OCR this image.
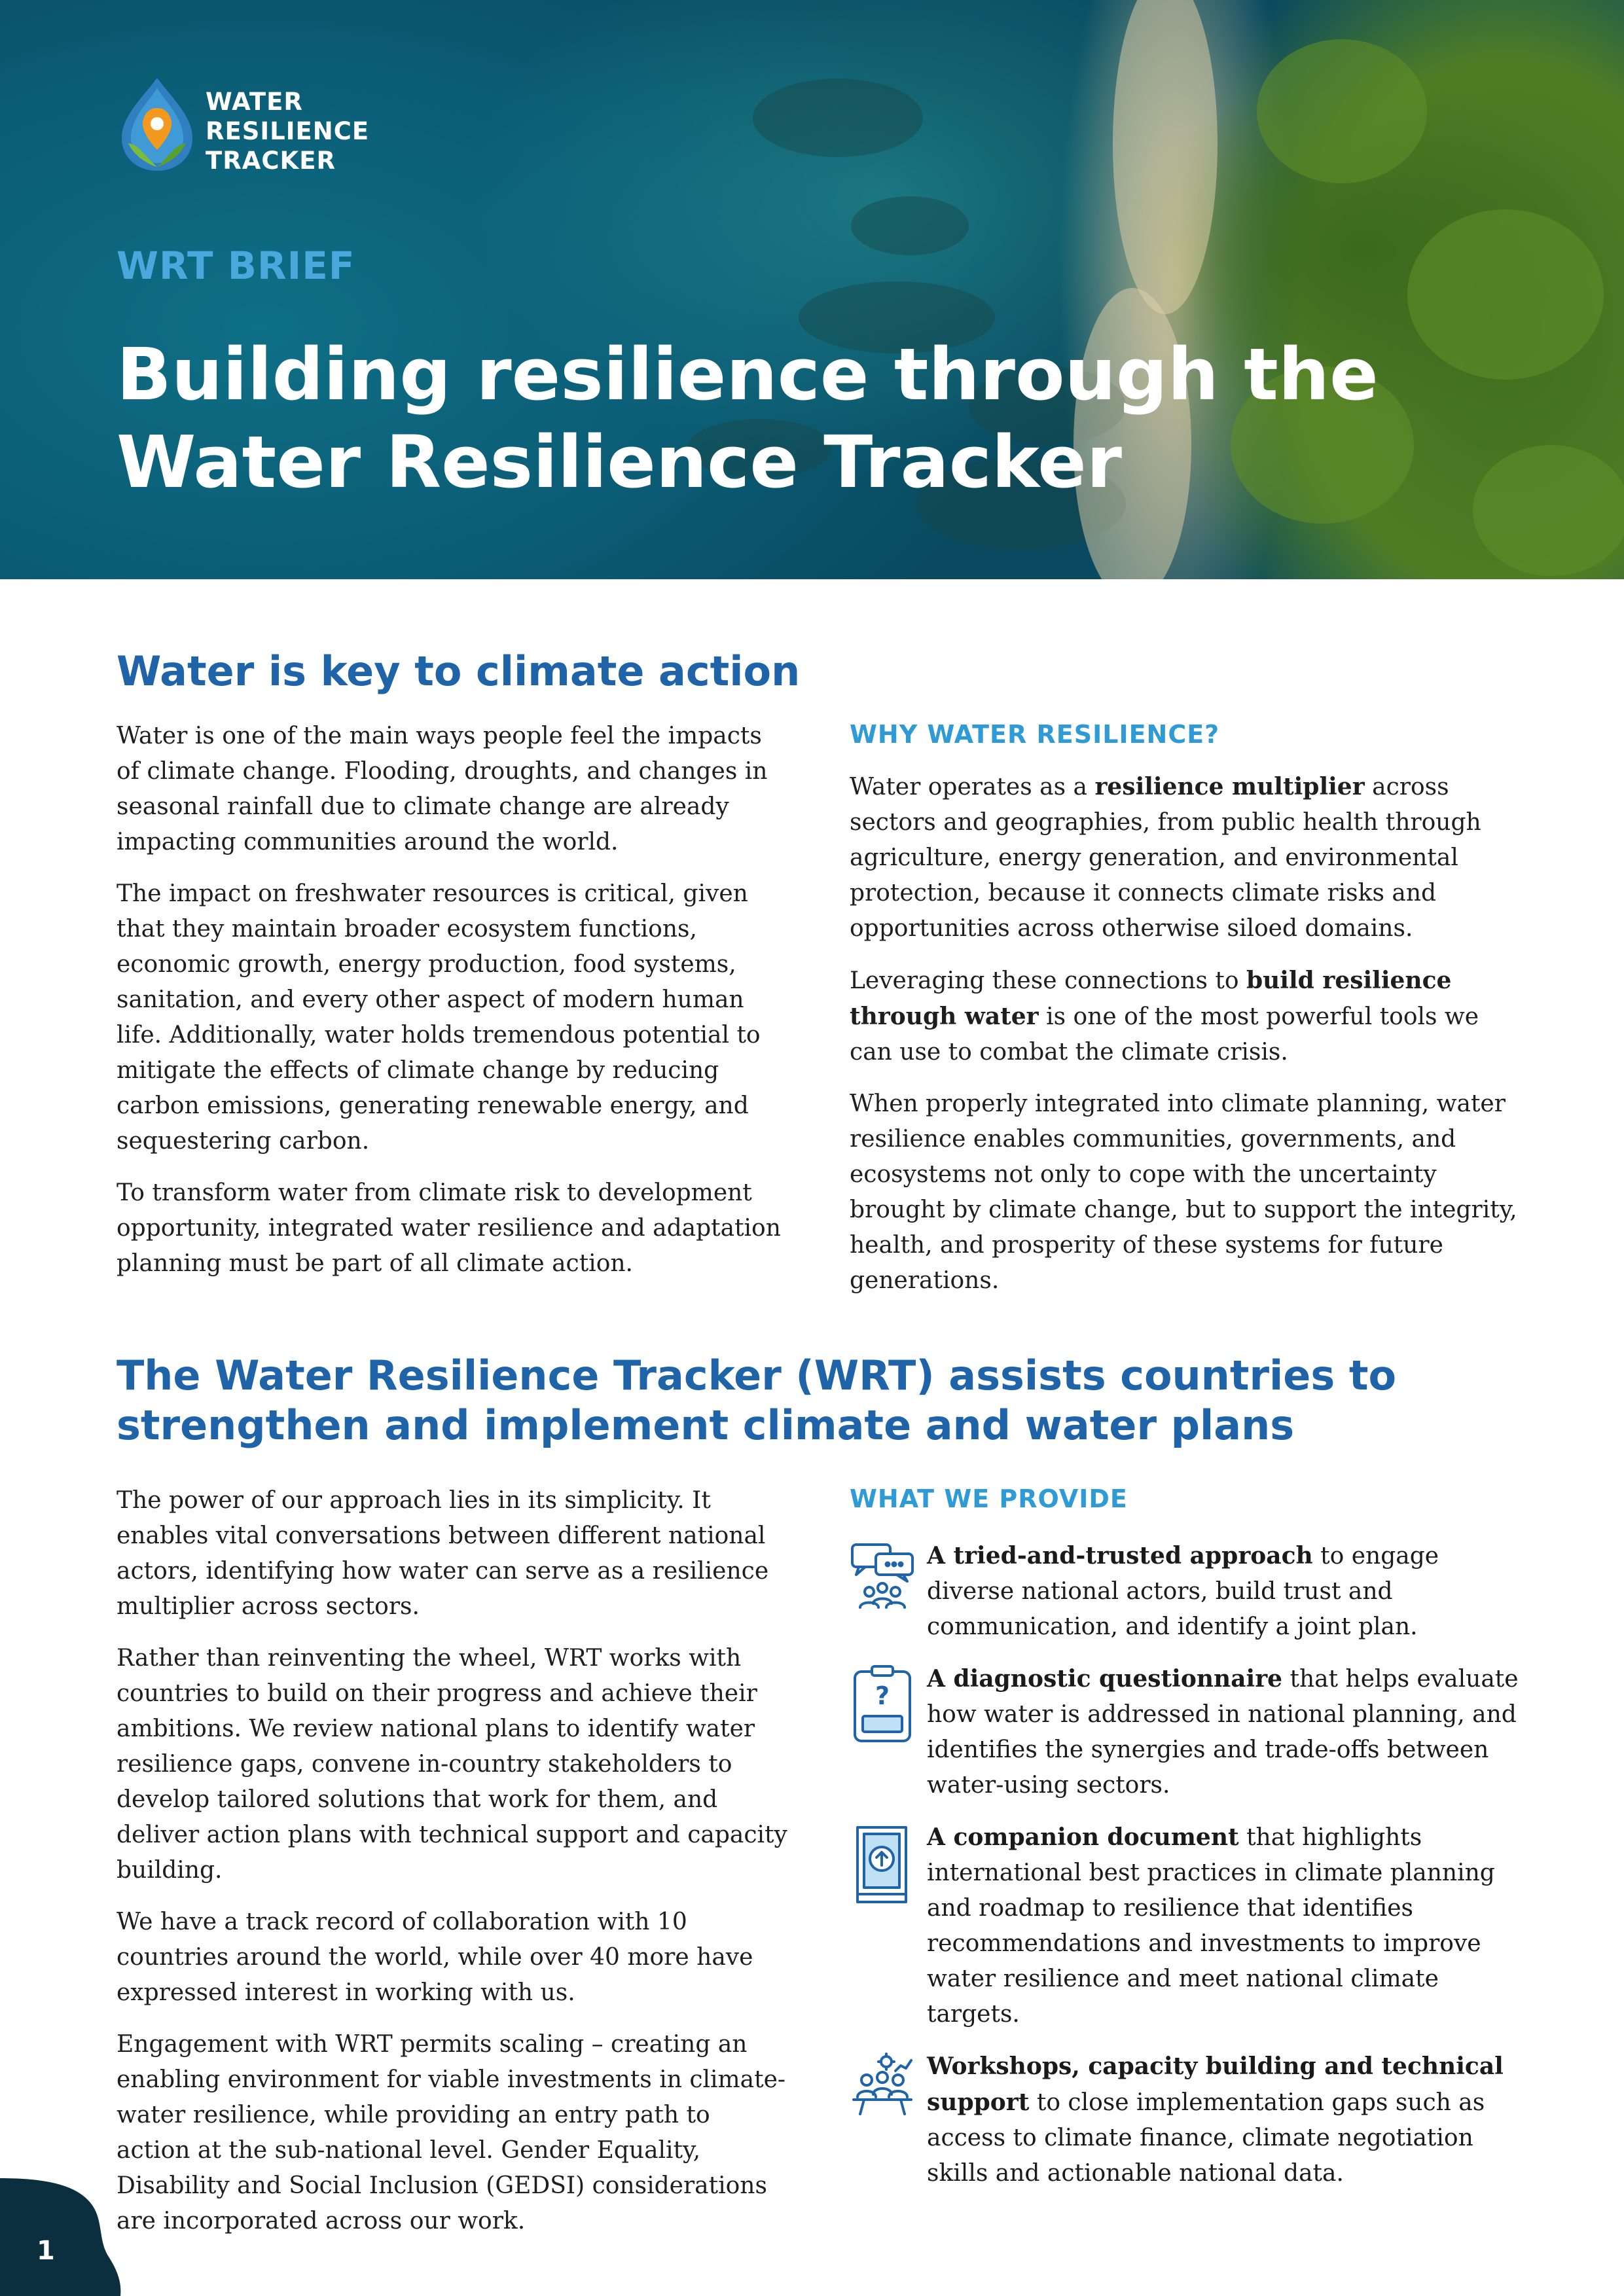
WATER
RESILIENCE
TRACKER
WRT BRIEF
Building resilience through the
Water Resilience Tracker
Water is key to climate action

Water is one of the main ways people feel the impacts of climate change. Flooding, droughts, and changes in seasonal rainfall due to climate change are already impacting communities around the world.

The impact on freshwater resources is critical, given that they maintain broader ecosystem functions, economic growth, energy production, food systems, sanitation, and every other aspect of modern human life. Additionally, water holds tremendous potential to mitigate the effects of climate change by reducing carbon emissions, generating renewable energy, and sequestering carbon.

To transform water from climate risk to development opportunity, integrated water resilience and adaptation planning must be part of all climate action.

WHY WATER RESILIENCE?

Water operates as a resilience multiplier across sectors and geographies, from public health through agriculture, energy generation, and environmental protection, because it connects climate risks and opportunities across otherwise siloed domains.

Leveraging these connections to build resilience through water is one of the most powerful tools we can use to combat the climate crisis.

When properly integrated into climate planning, water resilience enables communities, governments, and ecosystems not only to cope with the uncertainty brought by climate change, but to support the integrity, health, and prosperity of these systems for future generations.

The Water Resilience Tracker (WRT) assists countries to
strengthen and implement climate and water plans

The power of our approach lies in its simplicity. It enables vital conversations between different national actors, identifying how water can serve as a resilience multiplier across sectors.

Rather than reinventing the wheel, WRT works with countries to build on their progress and achieve their ambitions. We review national plans to identify water resilience gaps, convene in-country stakeholders to develop tailored solutions that work for them, and deliver action plans with technical support and capacity building.

We have a track record of collaboration with 10 countries around the world, while over 40 more have expressed interest in working with us.

Engagement with WRT permits scaling – creating an enabling environment for viable investments in climate-water resilience, while providing an entry path to action at the sub-national level. Gender Equality, Disability and Social Inclusion (GEDSI) considerations are incorporated across our work.

WHAT WE PROVIDE
A tried-and-trusted approach to engage diverse national actors, build trust and communication, and identify a joint plan.
?
A diagnostic questionnaire that helps evaluate how water is addressed in national planning, and identifies the synergies and trade-offs between water-using sectors.
A companion document that highlights international best practices in climate planning and roadmap to resilience that identifies recommendations and investments to improve water resilience and meet national climate targets.
Workshops, capacity building and technical support to close implementation gaps such as access to climate finance, climate negotiation skills and actionable national data.
1
